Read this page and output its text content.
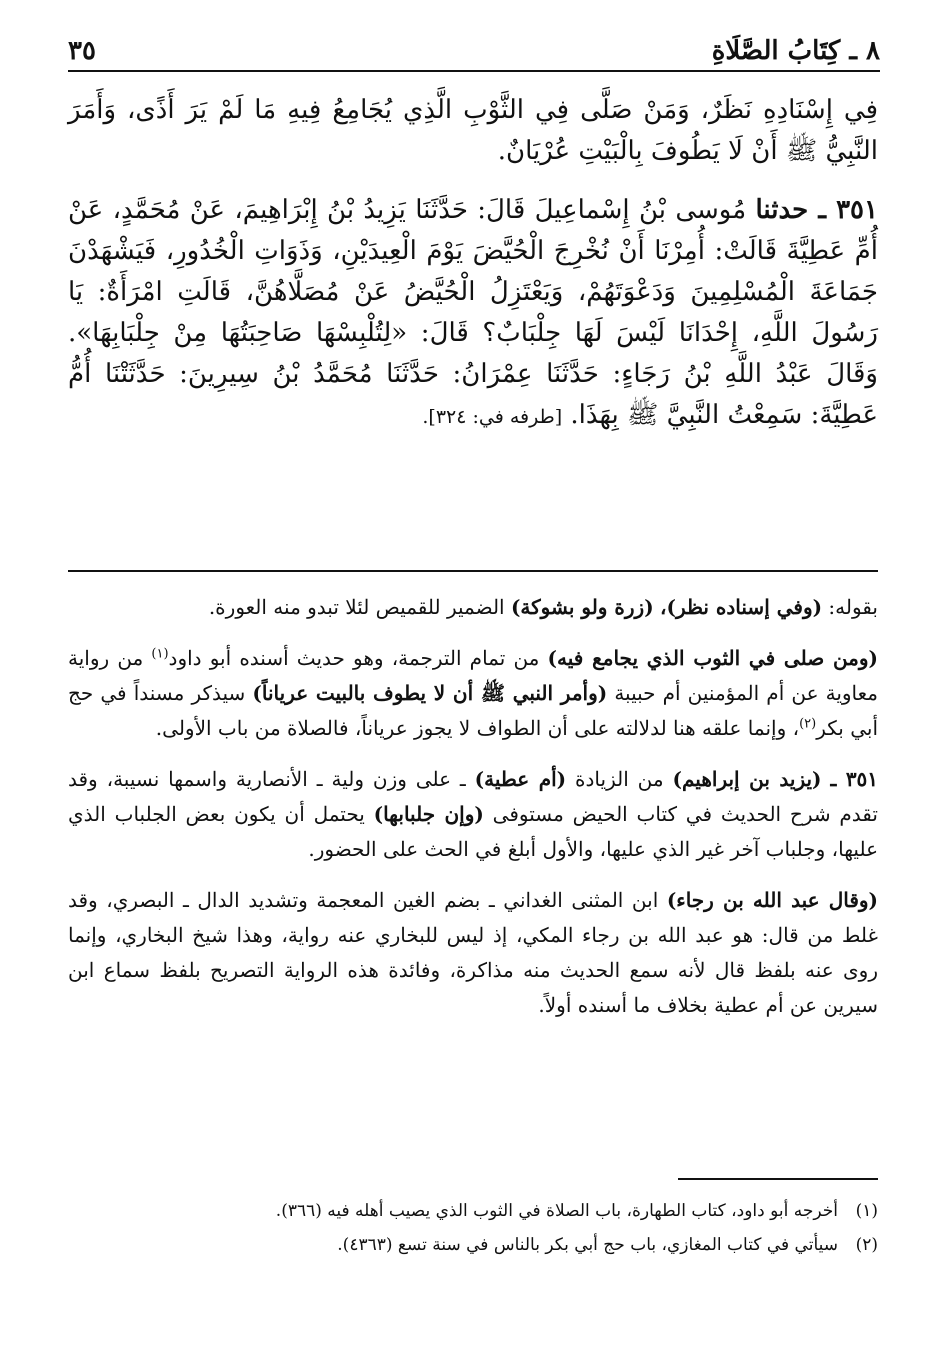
٨ ـ كِتَابُ الصَّلَاةِ
٣٥

فِي إِسْنَادِهِ نَظَرٌ، وَمَنْ صَلَّى فِي الثَّوْبِ الَّذِي يُجَامِعُ فِيهِ مَا لَمْ يَرَ أَذًى، وَأَمَرَ النَّبِيُّ ﷺ أَنْ لَا يَطُوفَ بِالْبَيْتِ عُرْيَانٌ.

٣٥١ ـ حدثنا مُوسى بْنُ إِسْماعِيلَ قَالَ: حَدَّثَنَا يَزِيدُ بْنُ إِبْرَاهِيمَ، عَنْ مُحَمَّدٍ، عَنْ أُمِّ عَطِيَّةَ قَالَتْ: أُمِرْنَا أَنْ نُخْرِجَ الْحُيَّضَ يَوْمَ الْعِيدَيْنِ، وَذَوَاتِ الْخُدُورِ، فَيَشْهَدْنَ جَمَاعَةَ الْمُسْلِمِينَ وَدَعْوَتَهُمْ، وَيَعْتَزِلُ الْحُيَّضُ عَنْ مُصَلَّاهُنَّ، قَالَتِ امْرَأَةٌ: يَا رَسُولَ اللَّهِ، إِحْدَانَا لَيْسَ لَهَا جِلْبَابٌ؟ قَالَ: «لِتُلْبِسْهَا صَاحِبَتُهَا مِنْ جِلْبَابِهَا». وَقَالَ عَبْدُ اللَّهِ بْنُ رَجَاءٍ: حَدَّثَنَا عِمْرَانُ: حَدَّثَنَا مُحَمَّدُ بْنُ سِيرِينَ: حَدَّثَتْنَا أُمُّ عَطِيَّةَ: سَمِعْتُ النَّبِيَّ ﷺ بِهَذَا. [طرفه في: ٣٢٤].

بقوله: (وفي إسناده نظر)، (زرة ولو بشوكة) الضمير للقميص لئلا تبدو منه العورة.

(ومن صلى في الثوب الذي يجامع فيه) من تمام الترجمة، وهو حديث أسنده أبو داود$^{(١)}$ من رواية معاوية عن أم المؤمنين أم حبيبة (وأمر النبي ﷺ أن لا يطوف بالبيت عرياناً) سيذكر مسنداً في حج أبي بكر$^{(٢)}$، وإنما علقه هنا لدلالته على أن الطواف لا يجوز عرياناً، فالصلاة من باب الأولى.

٣٥١ ـ (يزيد بن إبراهيم) من الزيادة (أم عطية) ـ على وزن ولية ـ الأنصارية واسمها نسيبة، وقد تقدم شرح الحديث في كتاب الحيض مستوفى (وإن جلبابها) يحتمل أن يكون بعض الجلباب الذي عليها، وجلباب آخر غير الذي عليها، والأول أبلغ في الحث على الحضور.

(وقال عبد الله بن رجاء) ابن المثنى الغداني ـ بضم الغين المعجمة وتشديد الدال ـ البصري، وقد غلط من قال: هو عبد الله بن رجاء المكي، إذ ليس للبخاري عنه رواية، وهذا شيخ البخاري، وإنما روى عنه بلفظ قال لأنه سمع الحديث منه مذاكرة، وفائدة هذه الرواية التصريح بلفظ سماع ابن سيرين عن أم عطية بخلاف ما أسنده أولاً.

(١)
أخرجه أبو داود، كتاب الطهارة، باب الصلاة في الثوب الذي يصيب أهله فيه (٣٦٦).
(٢)
سيأتي في كتاب المغازي، باب حج أبي بكر بالناس في سنة تسع (٤٣٦٣).
